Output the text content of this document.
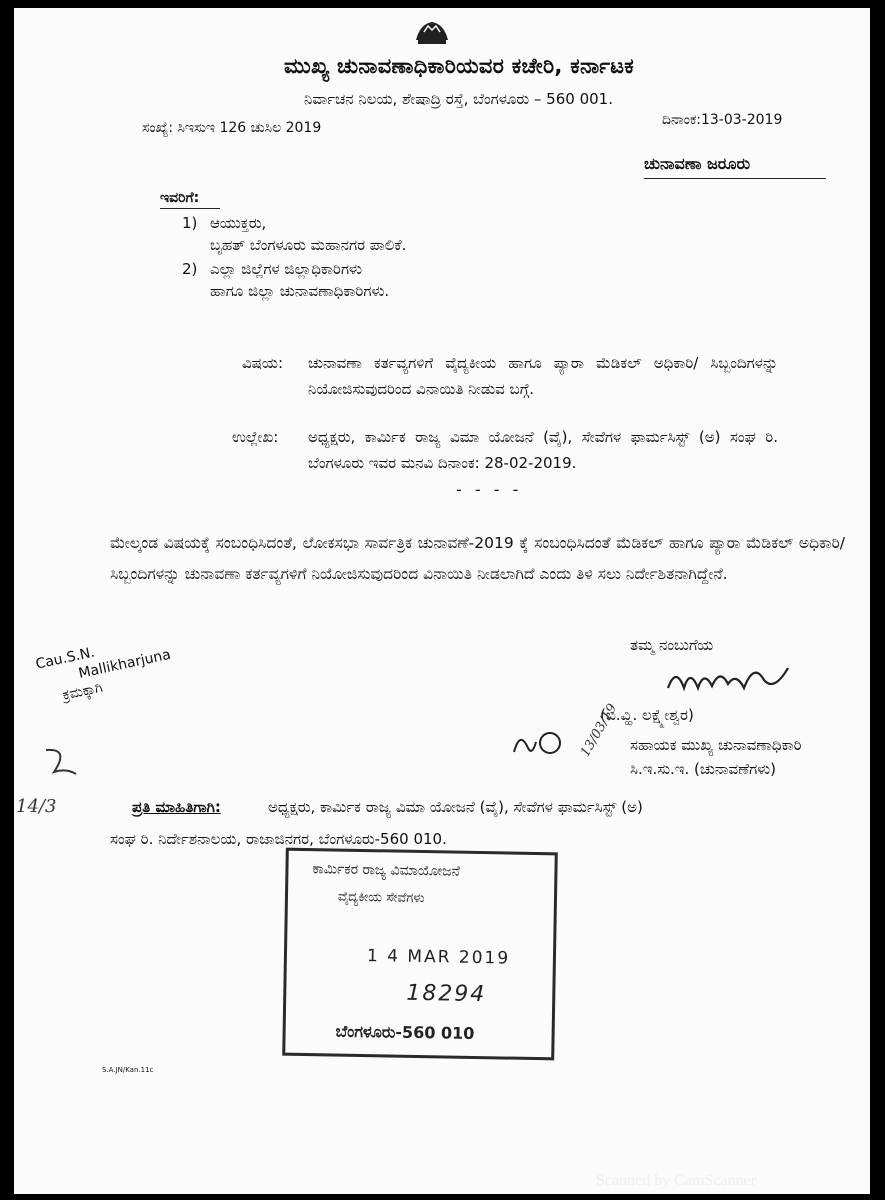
ಮುಖ್ಯ ಚುನಾವಣಾಧಿಕಾರಿಯವರ ಕಚೇರಿ, ಕರ್ನಾಟಕ
ನಿರ್ವಾಚನ ನಿಲಯ, ಶೇಷಾದ್ರಿ ರಸ್ತೆ, ಬೆಂಗಳೂರು – 560 001.
ಸಂಖ್ಯೆ: ಸಿಇಸುಇ 126 ಚುಸಿಲ 2019	ದಿನಾಂಕ:13-03-2019
ಚುನಾವಣಾ ಜರೂರು
ಇವರಿಗೆ:
1) ಆಯುಕ್ತರು,
ಬೃಹತ್ ಬೆಂಗಳೂರು ಮಹಾನಗರ ಪಾಲಿಕೆ.
2) ಎಲ್ಲಾ ಜಿಲ್ಲೆಗಳ ಜಿಲ್ಲಾಧಿಕಾರಿಗಳು
ಹಾಗೂ ಜಿಲ್ಲಾ ಚುನಾವಣಾಧಿಕಾರಿಗಳು.
ವಿಷಯ: ಚುನಾವಣಾ ಕರ್ತವ್ಯಗಳಿಗೆ ವೈದ್ಯಕೀಯ ಹಾಗೂ ಪ್ಯಾರಾ ಮೆಡಿಕಲ್ ಅಧಿಕಾರಿ/ ಸಿಬ್ಬಂದಿಗಳನ್ನು ನಿಯೋಜಿಸುವುದರಿಂದ ವಿನಾಯಿತಿ ನೀಡುವ ಬಗ್ಗೆ.
ಉಲ್ಲೇಖ: ಅಧ್ಯಕ್ಷರು, ಕಾರ್ಮಿಕ ರಾಜ್ಯ ವಿಮಾ ಯೋಜನೆ (ವೈ), ಸೇವೆಗಳ ಫಾರ್ಮಸಿಸ್ಟ್ (ಅ) ಸಂಘ ರಿ. ಬೆಂಗಳೂರು ಇವರ ಮನವಿ ದಿನಾಂಕ: 28-02-2019.
- - - -
ಮೇಲ್ಕಂಡ ವಿಷಯಕ್ಕೆ ಸಂಬಂಧಿಸಿದಂತೆ, ಲೋಕಸಭಾ ಸಾರ್ವತ್ರಿಕ ಚುನಾವಣೆ-2019 ಕ್ಕೆ ಸಂಬಂಧಿಸಿದಂತೆ ಮೆಡಿಕಲ್ ಹಾಗೂ ಪ್ಯಾರಾ ಮೆಡಿಕಲ್ ಅಧಿಕಾರಿ/ ಸಿಬ್ಬಂದಿಗಳನ್ನು ಚುನಾವಣಾ ಕರ್ತವ್ಯಗಳಿಗೆ ನಿಯೋಜಿಸುವುದರಿಂದ ವಿನಾಯಿತಿ ನೀಡಲಾಗಿದೆ ಎಂದು ತಿಳಿ ಸಲು ನಿರ್ದೇಶಿತನಾಗಿದ್ದೇನೆ.
ತಮ್ಮ ನಂಬುಗೆಯ
(ಬಿ.ವ್ಹಿ. ಲಕ್ಷ್ಮೇಶ್ವರ)
ಸಹಾಯಕ ಮುಖ್ಯ ಚುನಾವಣಾಧಿಕಾರಿ
ಸಿ.ಇ.ಸು.ಇ. (ಚುನಾವಣೆಗಳು)
13/03/19
Cau.S.N.
Mallikharjuna
ಕ್ರಮಕ್ಕಾಗಿ
14/3	ಪ್ರತಿ ಮಾಹಿತಿಗಾಗಿ:	ಅಧ್ಯಕ್ಷರು, ಕಾರ್ಮಿಕ ರಾಜ್ಯ ವಿಮಾ ಯೋಜನೆ (ವೈ), ಸೇವೆಗಳ ಫಾರ್ಮಸಿಸ್ಟ್ (ಅ)
ಸಂಘ ರಿ. ನಿರ್ದೇಶನಾಲಯ, ರಾಜಾಜಿನಗರ, ಬೆಂಗಳೂರು-560 010.
ಕಾರ್ಮಿಕರ ರಾಜ್ಯ ವಿಮಾಯೋಜನೆ
ವೈದ್ಯಕೀಯ ಸೇವೆಗಳು
1 4 MAR 2019
18294
ಬೆಂಗಳೂರು-560 010
S.A.JN/Kan.11c
Scanned by CamScanner
